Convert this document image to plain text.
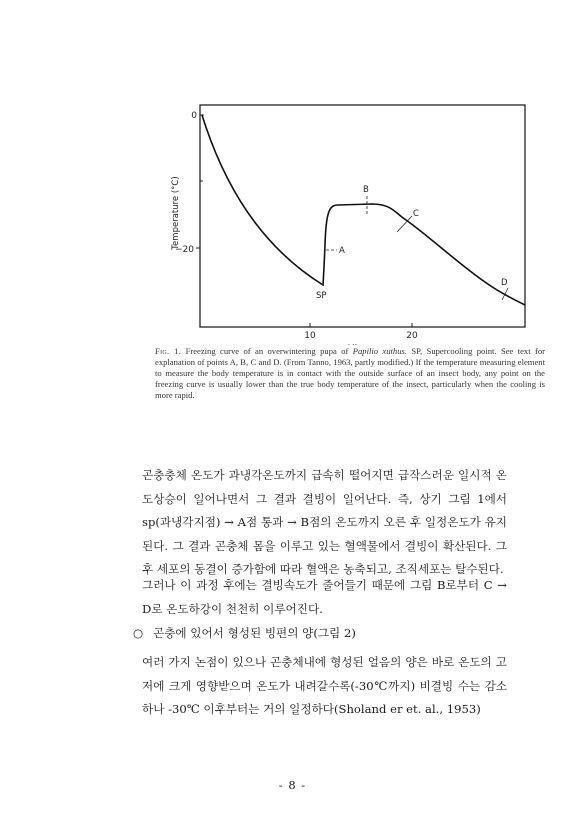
0
−20
10	20
Temperature (°C)
A
SP
B
C
D
Fig. 1. Freezing curve of an overwintering pupa of Papilio xuthus. SP, Supercooling point. See text for explanation of points A, B, C and D. (From Tanno, 1963, partly modified.) If the temperature measuring element to measure the body temperature is in contact with the outside surface of an insect body, any point on the freezing curve is usually lower than the true body temperature of the insect, particularly when the cooling is more rapid.

곤충충체 온도가 과냉각온도까지 급속히 떨어지면 급작스러운 일시적 온도상승이 일어나면서 그 결과 결빙이 일어난다. 즉, 상기 그림 1에서 sp(과냉각지점) → A점 통과 → B점의 온도까지 오른 후 일정온도가 유지된다. 그 결과 곤충체 몸을 이루고 있는 혈액물에서 결빙이 확산된다. 그 후 세포의 동결이 증가함에 따라 혈액은 농축되고, 조직세포는 탈수된다.

그러나 이 과정 후에는 결빙속도가 줄어들기 때문에 그림 B로부터 C → D로 온도하강이 천천히 이루어진다.

○ 곤충에 있어서 형성된 빙편의 양(그림 2)

여러 가지 논점이 있으나 곤충체내에 형성된 얼음의 양은 바로 온도의 고저에 크게 영향받으며 온도가 내려갈수록(-30℃까지) 비결빙 수는 감소하나 -30℃ 이후부터는 거의 일정하다(Sholand er et. al., 1953)

- 8 -
